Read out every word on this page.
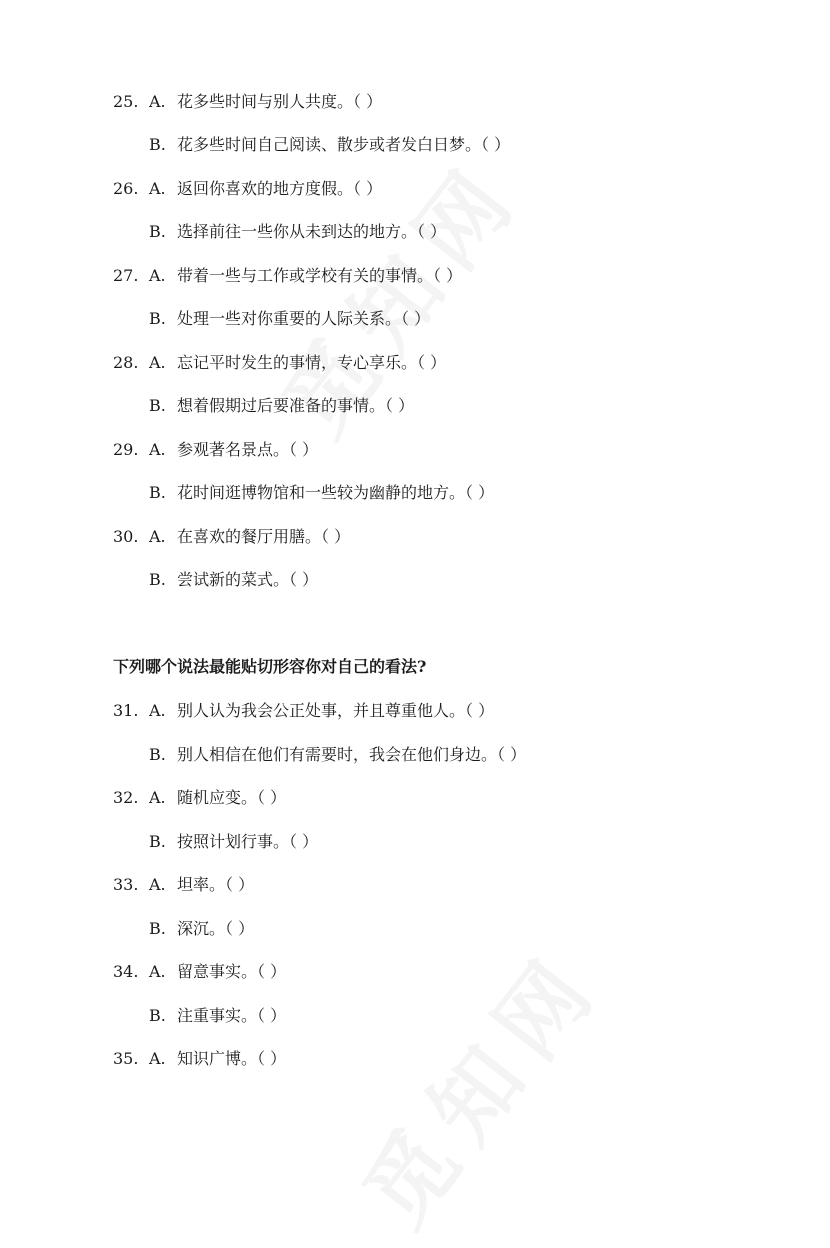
25. A. 花多些时间与别人共度。（ ）
B. 花多些时间自己阅读、散步或者发白日梦。（ ）
26. A. 返回你喜欢的地方度假。（ ）
B. 选择前往一些你从未到达的地方。（ ）
27. A. 带着一些与工作或学校有关的事情。（ ）
B. 处理一些对你重要的人际关系。（ ）
28. A. 忘记平时发生的事情，专心享乐。（ ）
B. 想着假期过后要准备的事情。（ ）
29. A. 参观著名景点。（ ）
B. 花时间逛博物馆和一些较为幽静的地方。（ ）
30. A. 在喜欢的餐厅用膳。（ ）
B. 尝试新的菜式。（ ）
下列哪个说法最能贴切形容你对自己的看法?
31. A. 别人认为我会公正处事，并且尊重他人。（ ）
B. 别人相信在他们有需要时，我会在他们身边。（ ）
32. A. 随机应变。（ ）
B. 按照计划行事。（ ）
33. A. 坦率。（ ）
B. 深沉。（ ）
34. A. 留意事实。（ ）
B. 注重事实。（ ）
35. A. 知识广博。（ ）
